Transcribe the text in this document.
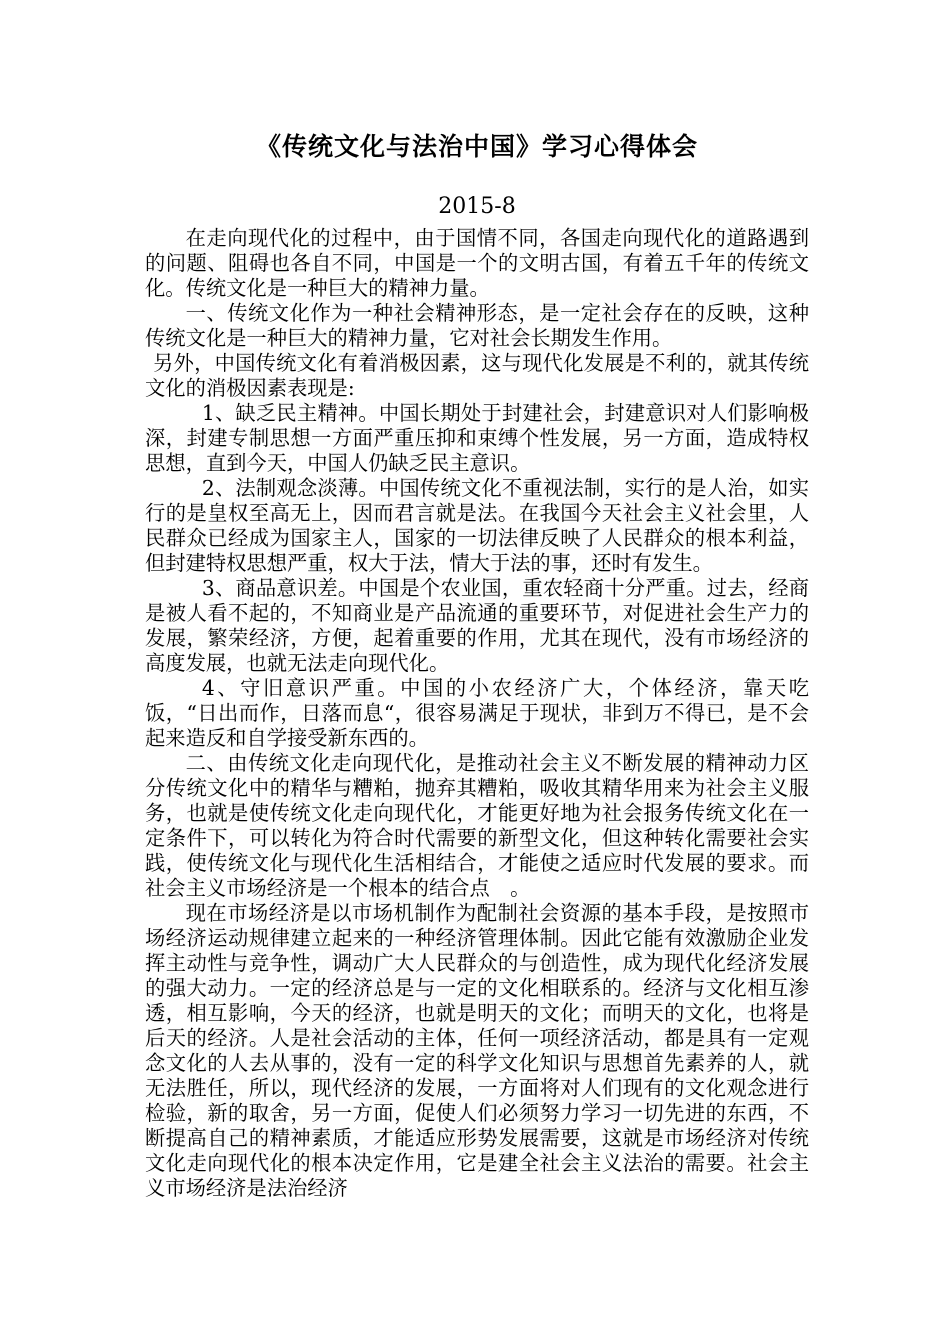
《传统文化与法治中国》学习心得体会
2015-8

在走向现代化的过程中，由于国情不同，各国走向现代化的道路遇到的问题、阻碍也各自不同，中国是一个的文明古国，有着五千年的传统文化。传统文化是一种巨大的精神力量。

一、传统文化作为一种社会精神形态，是一定社会存在的反映，这种传统文化是一种巨大的精神力量，它对社会长期发生作用。

另外，中国传统文化有着消极因素，这与现代化发展是不利的，就其传统文化的消极因素表现是:

1、缺乏民主精神。中国长期处于封建社会，封建意识对人们影响极深，封建专制思想一方面严重压抑和束缚个性发展，另一方面，造成特权思想，直到今天，中国人仍缺乏民主意识。

2、法制观念淡薄。中国传统文化不重视法制，实行的是人治，如实行的是皇权至高无上，因而君言就是法。在我国今天社会主义社会里，人民群众已经成为国家主人，国家的一切法律反映了人民群众的根本利益，但封建特权思想严重，权大于法，情大于法的事，还时有发生。

3、商品意识差。中国是个农业国，重农轻商十分严重。过去，经商是被人看不起的，不知商业是产品流通的重要环节，对促进社会生产力的发展，繁荣经济，方便，起着重要的作用，尤其在现代，没有市场经济的高度发展，也就无法走向现代化。

4、守旧意识严重。中国的小农经济广大，个体经济，靠天吃饭，“日出而作，日落而息“，很容易满足于现状，非到万不得已，是不会起来造反和自学接受新东西的。

二、由传统文化走向现代化，是推动社会主义不断发展的精神动力区分传统文化中的精华与糟粕，抛弃其糟粕，吸收其精华用来为社会主义服务，也就是使传统文化走向现代化，才能更好地为社会报务传统文化在一定条件下，可以转化为符合时代需要的新型文化，但这种转化需要社会实践，使传统文化与现代化生活相结合，才能使之适应时代发展的要求。而社会主义市场经济是一个根本的结合点　。

现在市场经济是以市场机制作为配制社会资源的基本手段，是按照市场经济运动规律建立起来的一种经济管理体制。因此它能有效激励企业发挥主动性与竞争性，调动广大人民群众的与创造性，成为现代化经济发展的强大动力。一定的经济总是与一定的文化相联系的。经济与文化相互渗透，相互影响，今天的经济，也就是明天的文化；而明天的文化，也将是后天的经济。人是社会活动的主体，任何一项经济活动，都是具有一定观念文化的人去从事的，没有一定的科学文化知识与思想首先素养的人，就无法胜任，所以，现代经济的发展，一方面将对人们现有的文化观念进行检验，新的取舍，另一方面，促使人们必须努力学习一切先进的东西，不断提高自己的精神素质，才能适应形势发展需要，这就是市场经济对传统文化走向现代化的根本决定作用，它是建全社会主义法治的需要。社会主义市场经济是法治经济
